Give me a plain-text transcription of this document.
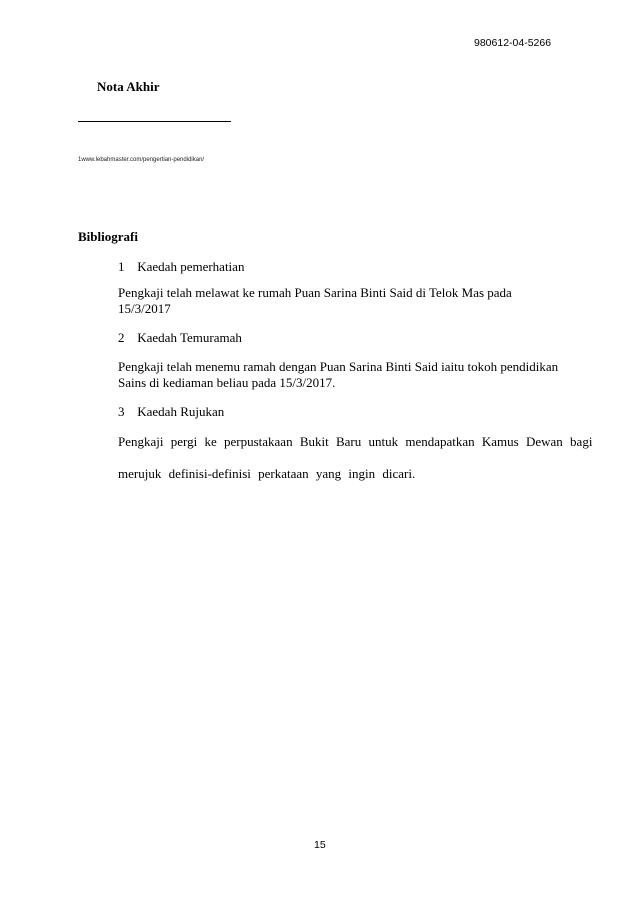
980612-04-5266
Nota Akhir
1www.lebahmaster.com/pengertian-pendidikan/
Bibliografi
1 Kaedah pemerhatian
Pengkaji telah melawat ke rumah Puan Sarina Binti Said di Telok Mas pada
15/3/2017
2 Kaedah Temuramah
Pengkaji telah menemu ramah dengan Puan Sarina Binti Said iaitu tokoh pendidikan
Sains di kediaman beliau pada 15/3/2017.
3 Kaedah Rujukan
Pengkaji pergi ke perpustakaan Bukit Baru untuk mendapatkan Kamus Dewan bagi
merujuk definisi-definisi perkataan yang ingin dicari.
15
